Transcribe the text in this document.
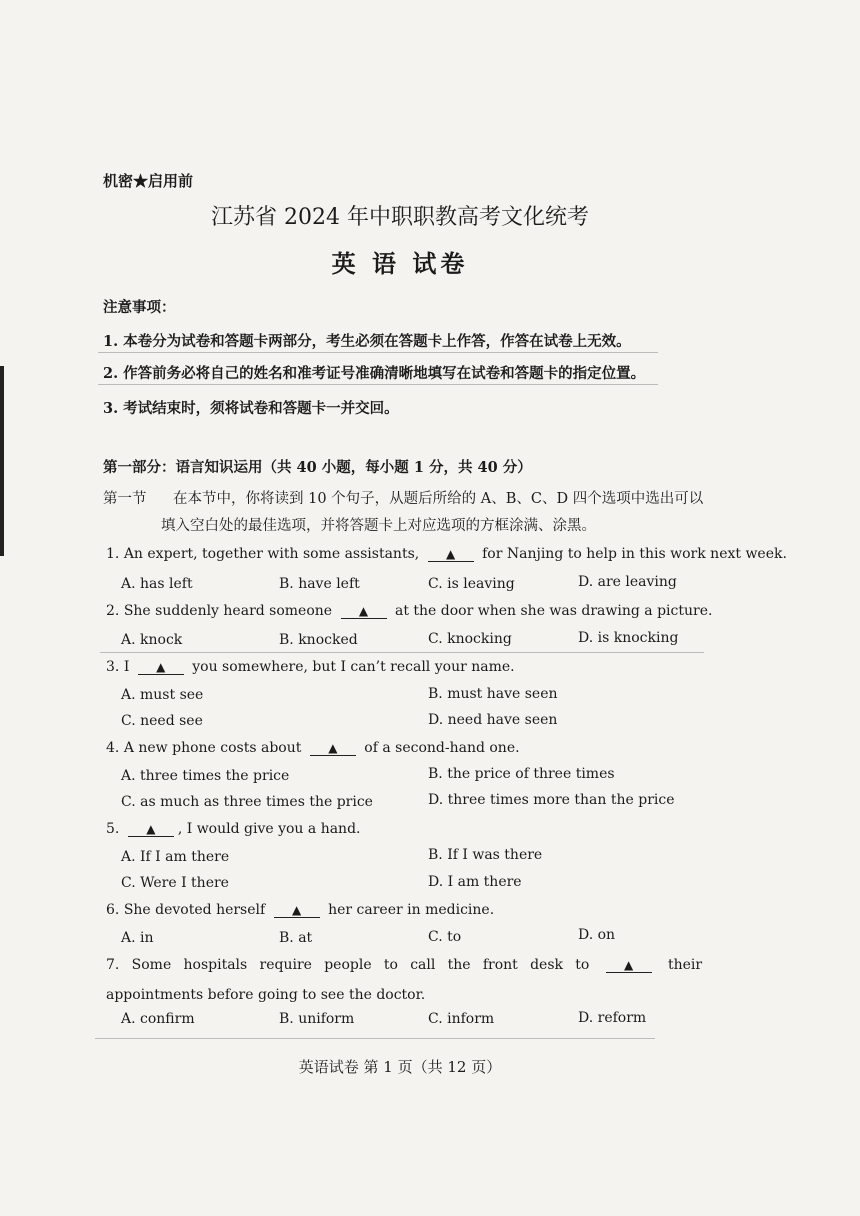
机密★启用前
江苏省 2024 年中职职教高考文化统考
英 语 试卷
注意事项：
1. 本卷分为试卷和答题卡两部分，考生必须在答题卡上作答，作答在试卷上无效。
2. 作答前务必将自己的姓名和准考证号准确清晰地填写在试卷和答题卡的指定位置。
3. 考试结束时，须将试卷和答题卡一并交回。
第一部分：语言知识运用（共 40 小题，每小题 1 分，共 40 分）
第一节 在本节中，你将读到 10 个句子，从题后所给的 A、B、C、D 四个选项中选出可以
填入空白处的最佳选项，并将答题卡上对应选项的方框涂满、涂黑。
1. An expert, together with some assistants, ▲ for Nanjing to help in this work next week.
A. has left	B. have left	C. is leaving	D. are leaving
2. She suddenly heard someone ▲ at the door when she was drawing a picture.
A. knock	B. knocked	C. knocking	D. is knocking
3. I ▲ you somewhere, but I can’t recall your name.
A. must see	B. must have seen
C. need see	D. need have seen
4. A new phone costs about ▲ of a second-hand one.
A. three times the price	B. the price of three times
C. as much as three times the price	D. three times more than the price
5. ▲ , I would give you a hand.
A. If I am there	B. If I was there
C. Were I there	D. I am there
6. She devoted herself ▲ her career in medicine.
A. in	B. at	C. to	D. on
7. Some hospitals require people to call the front desk to	▲ their appointments before going to see the doctor.
A. confirm	B. uniform	C. inform	D. reform
英语试卷 第 1 页（共 12 页）
